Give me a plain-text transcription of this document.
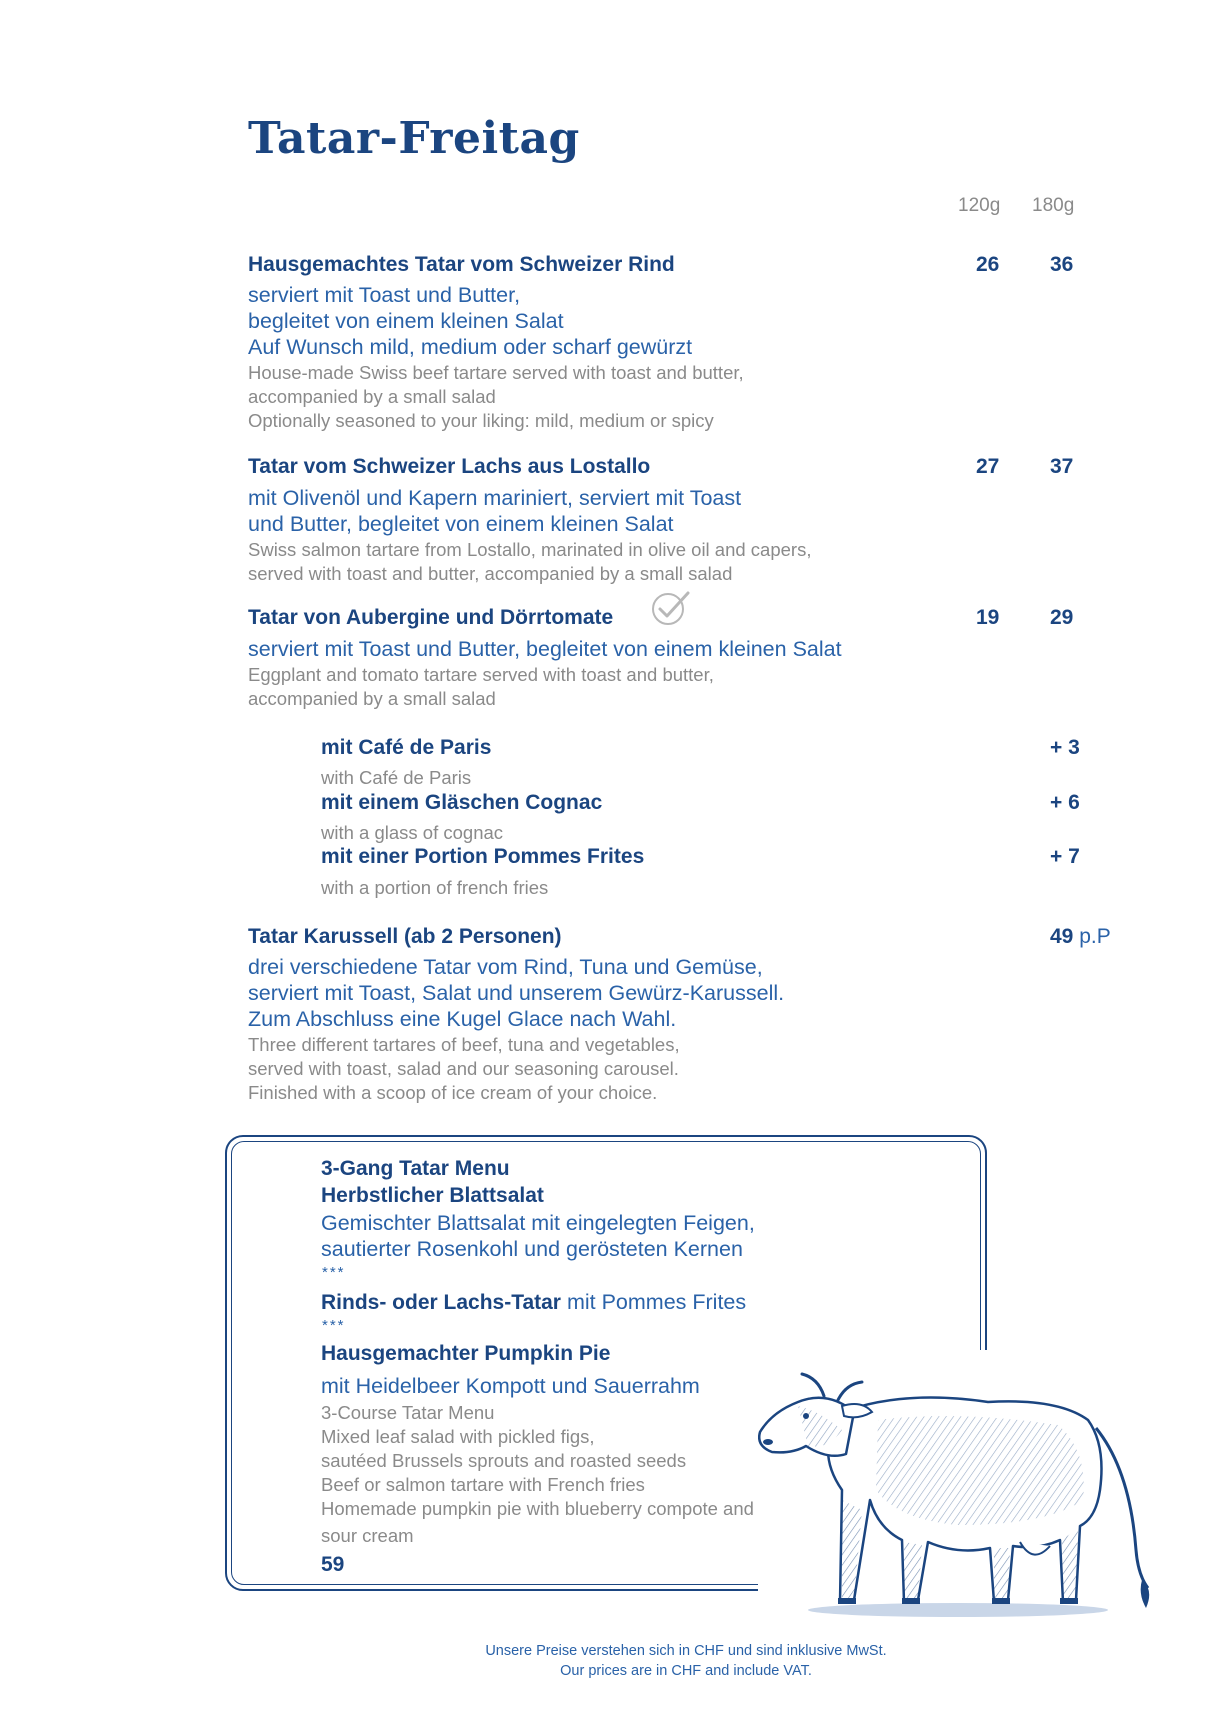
Tatar-Freitag
120g 180g
Hausgemachtes Tatar vom Schweizer Rind	26 36
serviert mit Toast und Butter,
begleitet von einem kleinen Salat
Auf Wunsch mild, medium oder scharf gewürzt
House-made Swiss beef tartare served with toast and butter,
accompanied by a small salad
Optionally seasoned to your liking: mild, medium or spicy
Tatar vom Schweizer Lachs aus Lostallo	27 37
mit Olivenöl und Kapern mariniert, serviert mit Toast
und Butter, begleitet von einem kleinen Salat
Swiss salmon tartare from Lostallo, marinated in olive oil and capers,
served with toast and butter, accompanied by a small salad
Tatar von Aubergine und Dörrtomate	19 29
serviert mit Toast und Butter, begleitet von einem kleinen Salat
Eggplant and tomato tartare served with toast and butter,
accompanied by a small salad
mit Café de Paris	+ 3
with Café de Paris
mit einem Gläschen Cognac	+ 6
with a glass of cognac
mit einer Portion Pommes Frites	+ 7
with a portion of french fries
Tatar Karussell (ab 2 Personen)	49 p.P
drei verschiedene Tatar vom Rind, Tuna und Gemüse,
serviert mit Toast, Salat und unserem Gewürz-Karussell.
Zum Abschluss eine Kugel Glace nach Wahl.
Three different tartares of beef, tuna and vegetables,
served with toast, salad and our seasoning carousel.
Finished with a scoop of ice cream of your choice.
3-Gang Tatar Menu
Herbstlicher Blattsalat
Gemischter Blattsalat mit eingelegten Feigen,
sautierter Rosenkohl und gerösteten Kernen
***
Rinds- oder Lachs-Tatar mit Pommes Frites
***
Hausgemachter Pumpkin Pie
mit Heidelbeer Kompott und Sauerrahm
3-Course Tatar Menu
Mixed leaf salad with pickled figs,
sautéed Brussels sprouts and roasted seeds
Beef or salmon tartare with French fries
Homemade pumpkin pie with blueberry compote and
sour cream
59
Unsere Preise verstehen sich in CHF und sind inklusive MwSt.
Our prices are in CHF and include VAT.
